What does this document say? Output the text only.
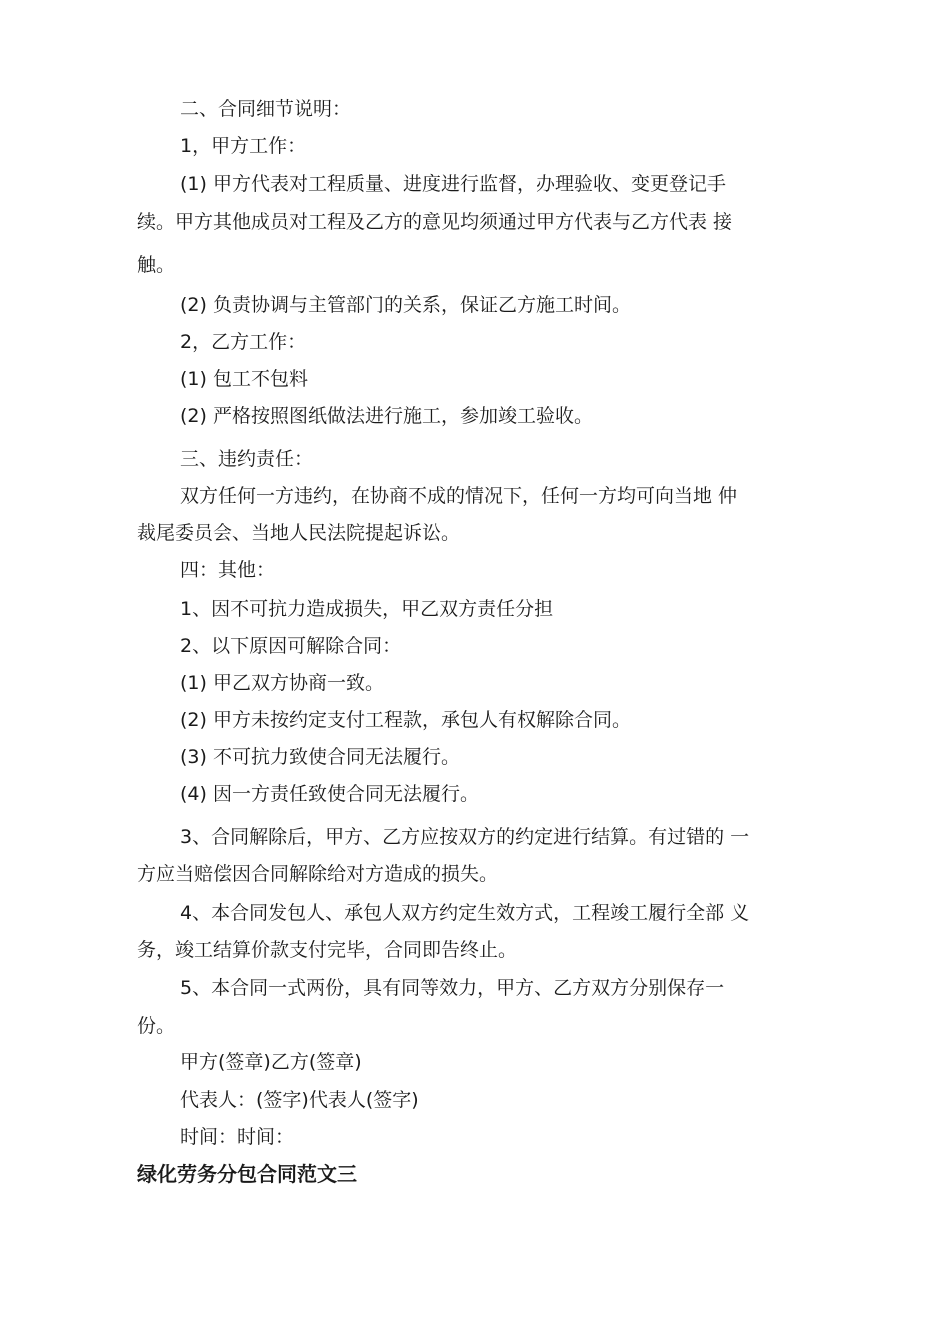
二、合同细节说明：
1，甲方工作：
(1) 甲方代表对工程质量、进度进行监督，办理验收、变更登记手
续。甲方其他成员对工程及乙方的意见均须通过甲方代表与乙方代表 接
触。
(2) 负责协调与主管部门的关系，保证乙方施工时间。
2，乙方工作：
(1) 包工不包料
(2) 严格按照图纸做法进行施工，参加竣工验收。
三、违约责任：
双方任何一方违约，在协商不成的情况下，任何一方均可向当地 仲
裁尾委员会、当地人民法院提起诉讼。
四：其他：
1、因不可抗力造成损失，甲乙双方责任分担
2、以下原因可解除合同：
(1) 甲乙双方协商一致。
(2) 甲方未按约定支付工程款，承包人有权解除合同。
(3) 不可抗力致使合同无法履行。
(4) 因一方责任致使合同无法履行。
3、合同解除后，甲方、乙方应按双方的约定进行结算。有过错的 一
方应当赔偿因合同解除给对方造成的损失。
4、本合同发包人、承包人双方约定生效方式，工程竣工履行全部 义
务，竣工结算价款支付完毕，合同即告终止。
5、本合同一式两份，具有同等效力，甲方、乙方双方分别保存一
份。
甲方(签章)乙方(签章)
代表人：(签字)代表人(签字)
时间：时间：
绿化劳务分包合同范文三
